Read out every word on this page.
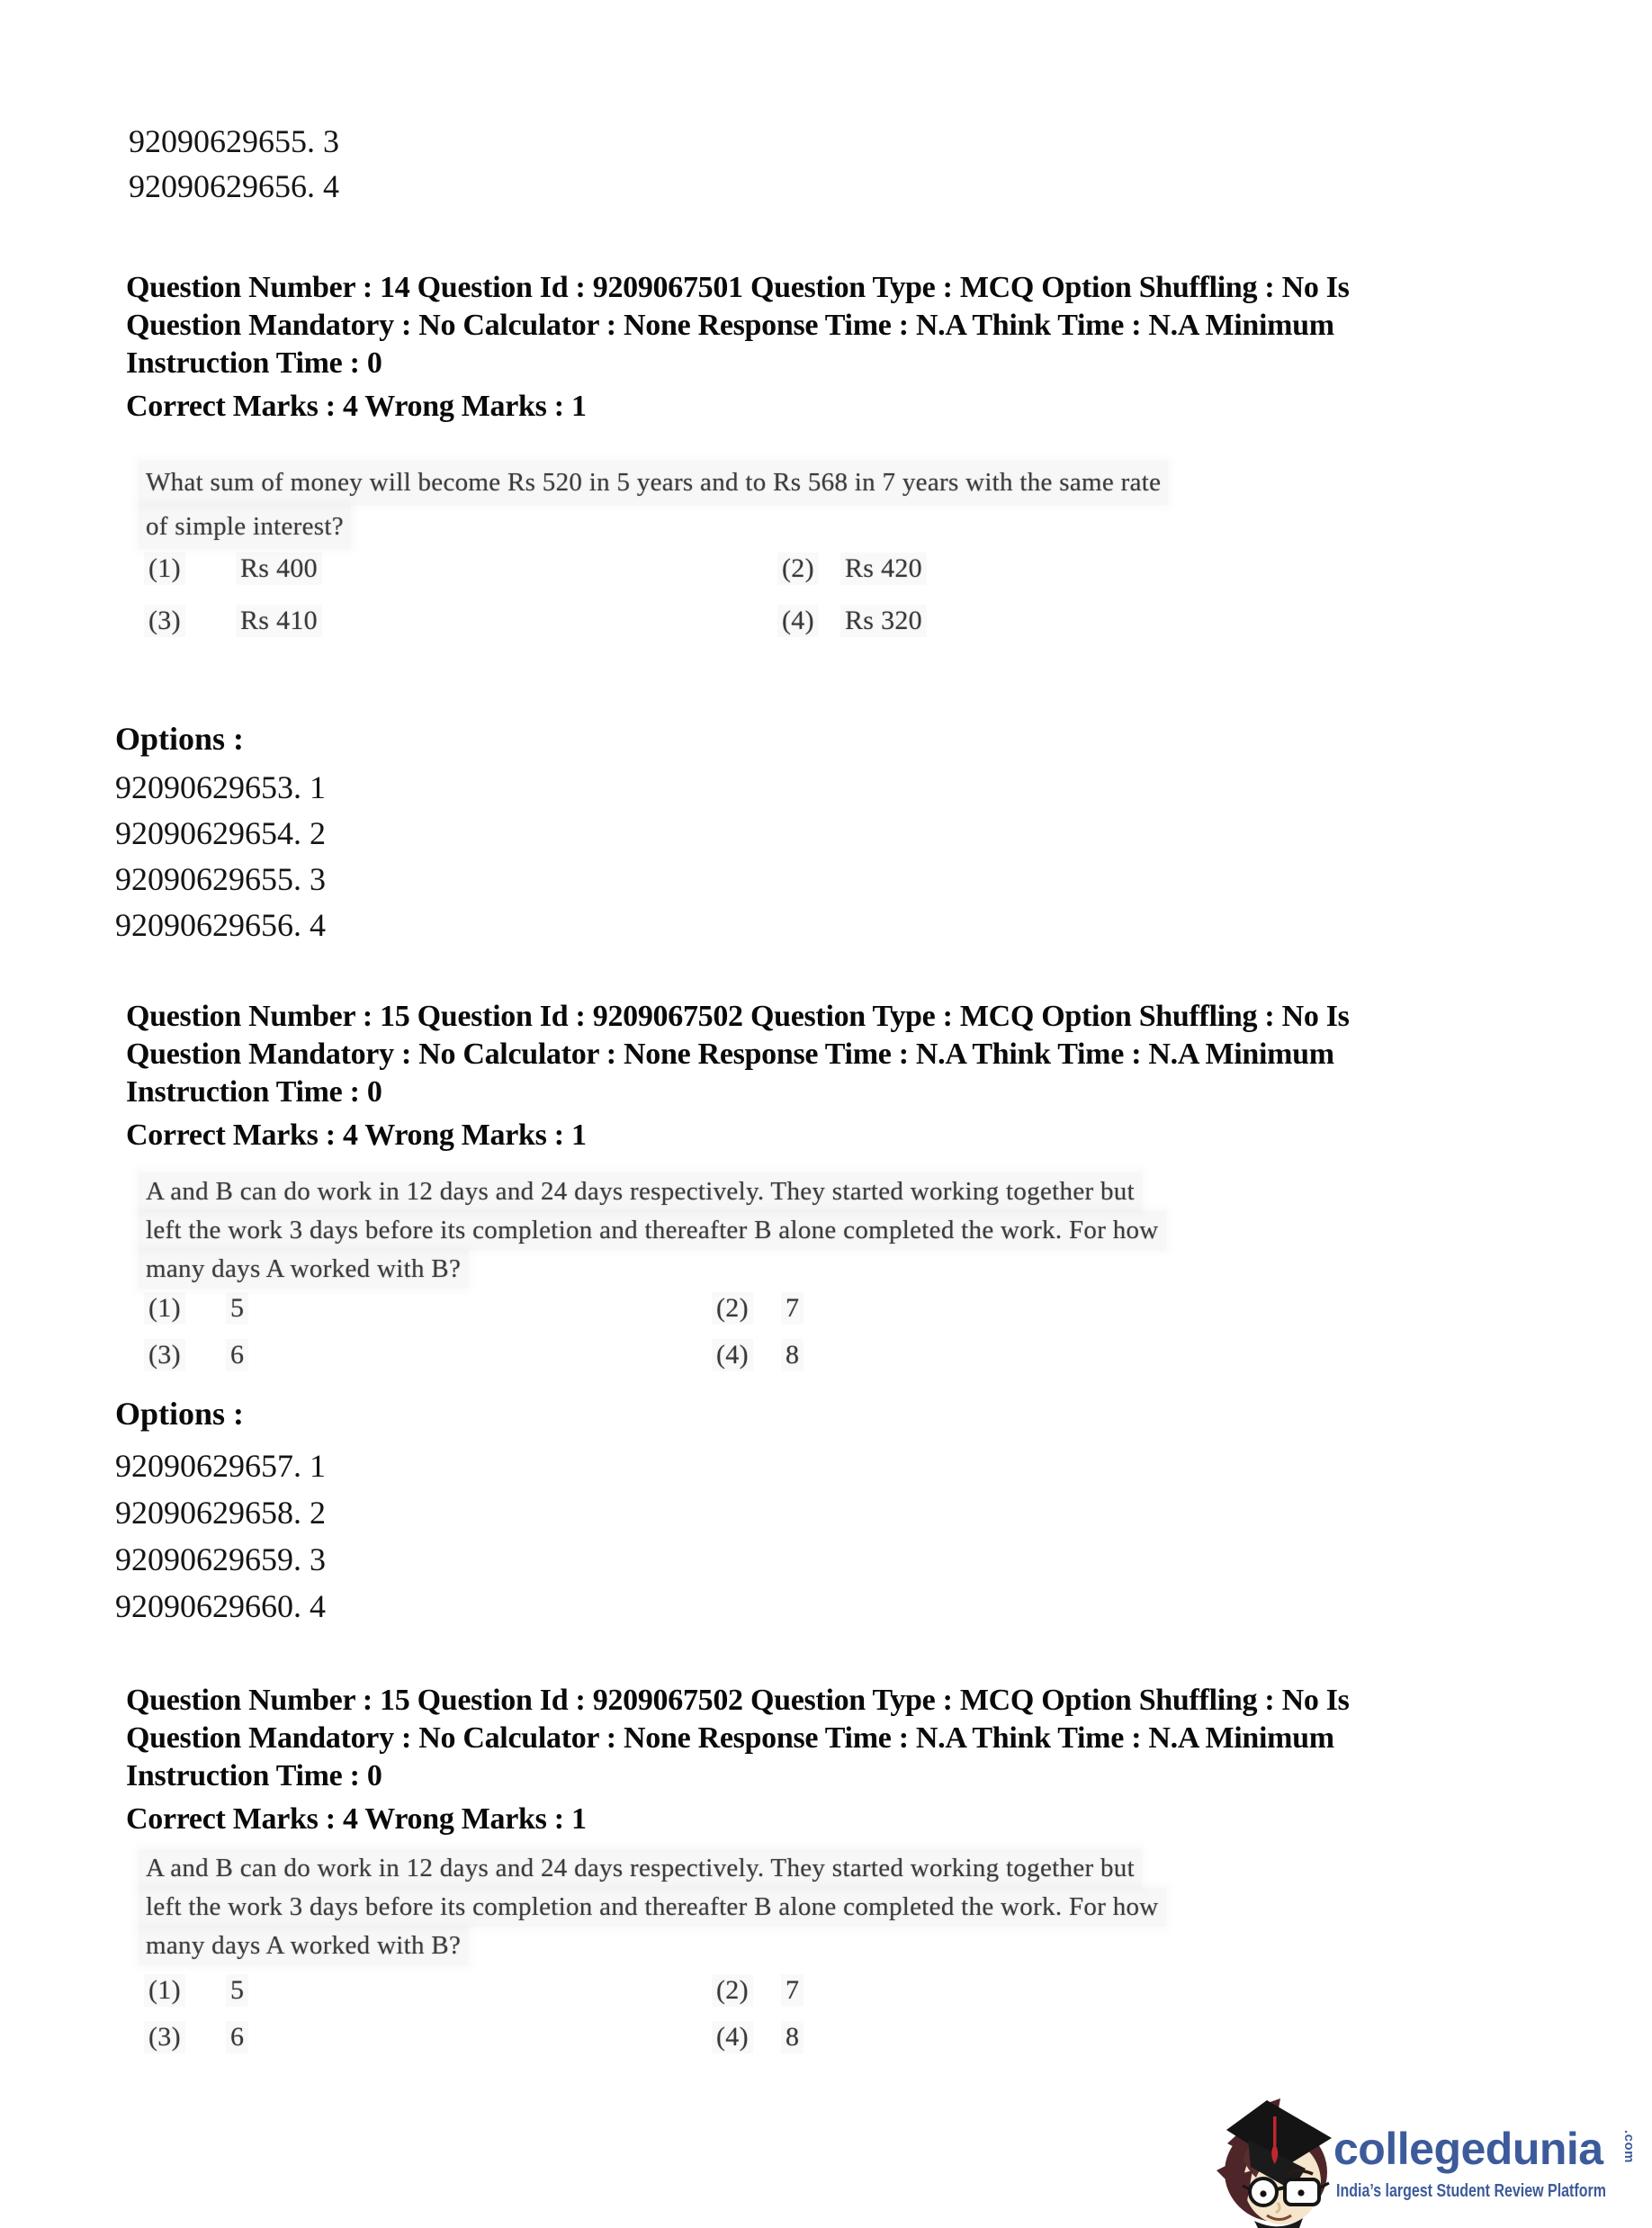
92090629655. 3
92090629656. 4
Question Number : 14 Question Id : 9209067501 Question Type : MCQ Option Shuffling : No Is
Question Mandatory : No Calculator : None Response Time : N.A Think Time : N.A Minimum
Instruction Time : 0
Correct Marks : 4 Wrong Marks : 1
What sum of money will become Rs 520 in 5 years and to Rs 568 in 7 years with the same rate
of simple interest?
(1) Rs 400	(2) Rs 420
(3) Rs 410	(4) Rs 320
Options :
92090629653. 1
92090629654. 2
92090629655. 3
92090629656. 4
Question Number : 15 Question Id : 9209067502 Question Type : MCQ Option Shuffling : No Is
Question Mandatory : No Calculator : None Response Time : N.A Think Time : N.A Minimum
Instruction Time : 0
Correct Marks : 4 Wrong Marks : 1
A and B can do work in 12 days and 24 days respectively. They started working together but
left the work 3 days before its completion and thereafter B alone completed the work. For how
many days A worked with B?
(1) 5	(2) 7
(3) 6	(4) 8
Options :
92090629657. 1
92090629658. 2
92090629659. 3
92090629660. 4
Question Number : 15 Question Id : 9209067502 Question Type : MCQ Option Shuffling : No Is
Question Mandatory : No Calculator : None Response Time : N.A Think Time : N.A Minimum
Instruction Time : 0
Correct Marks : 4 Wrong Marks : 1
A and B can do work in 12 days and 24 days respectively. They started working together but
left the work 3 days before its completion and thereafter B alone completed the work. For how
many days A worked with B?
(1) 5	(2) 7
(3) 6	(4) 8
collegedunia .com
India’s largest Student Review Platform
